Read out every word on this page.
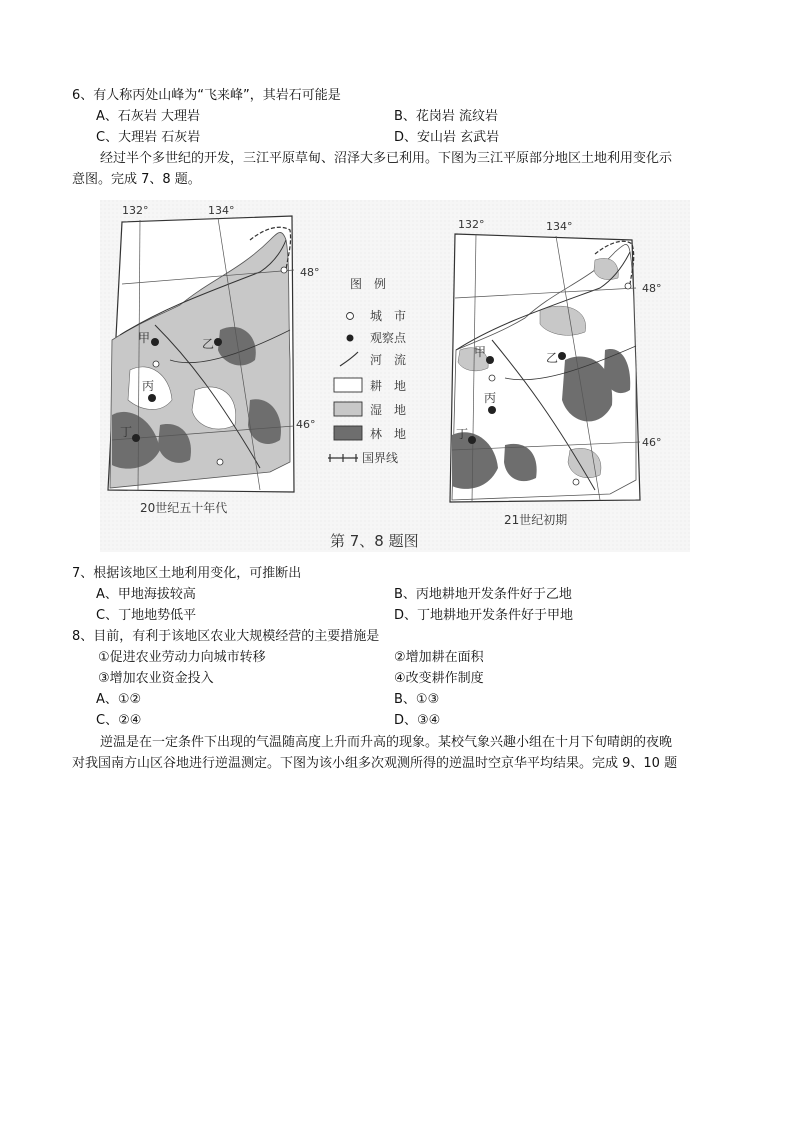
6、有人称丙处山峰为“飞来峰”，其岩石可能是
A、石灰岩 大理岩	B、花岗岩 流纹岩
C、大理岩 石灰岩	D、安山岩 玄武岩
经过半个多世纪的开发，三江平原草甸、沼泽大多已利用。下图为三江平原部分地区土地利用变化示
意图。完成 7、8 题。
132°	134°
48°
46°
甲	乙
丙
丁
20世纪五十年代
图　例
城　市
观察点
河　流
耕　地
湿　地
林　地
国界线
第 7、8 题图
132°	134°
48°
46°
甲	乙
丙
丁
21世纪初期
7、根据该地区土地利用变化，可推断出
A、甲地海拔较高	B、丙地耕地开发条件好于乙地
C、丁地地势低平	D、丁地耕地开发条件好于甲地
8、目前，有利于该地区农业大规模经营的主要措施是
①促进农业劳动力向城市转移	②增加耕在面积
③增加农业资金投入	④改变耕作制度
A、①②	B、①③
C、②④	D、③④
逆温是在一定条件下出现的气温随高度上升而升高的现象。某校气象兴趣小组在十月下旬晴朗的夜晚
对我国南方山区谷地进行逆温测定。下图为该小组多次观测所得的逆温时空京华平均结果。完成 9、10 题
